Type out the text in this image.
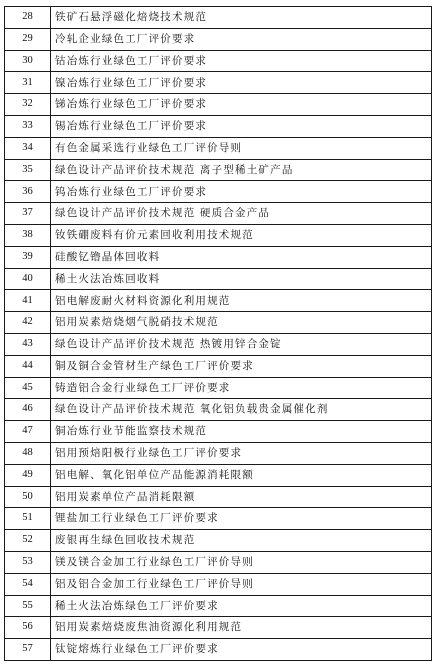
28	铁矿石悬浮磁化焙烧技术规范
29	冷轧企业绿色工厂评价要求
30	钴冶炼行业绿色工厂评价要求
31	镍冶炼行业绿色工厂评价要求
32	锑冶炼行业绿色工厂评价要求
33	锡冶炼行业绿色工厂评价要求
34	有色金属采选行业绿色工厂评价导则
35	绿色设计产品评价技术规范 离子型稀土矿产品
36	钨冶炼行业绿色工厂评价要求
37	绿色设计产品评价技术规范 硬质合金产品
38	钕铁硼废料有价元素回收利用技术规范
39	硅酸钇镥晶体回收料
40	稀土火法冶炼回收料
41	铝电解废耐火材料资源化利用规范
42	铝用炭素焙烧烟气脱硝技术规范
43	绿色设计产品评价技术规范 热镀用锌合金锭
44	铜及铜合金管材生产绿色工厂评价要求
45	铸造铝合金行业绿色工厂评价要求
46	绿色设计产品评价技术规范 氧化铝负载贵金属催化剂
47	铜冶炼行业节能监察技术规范
48	铝用预焙阳极行业绿色工厂评价要求
49	铝电解、氧化铝单位产品能源消耗限额
50	铝用炭素单位产品消耗限额
51	锂盐加工行业绿色工厂评价要求
52	废银再生绿色回收技术规范
53	镁及镁合金加工行业绿色工厂评价导则
54	铝及铝合金加工行业绿色工厂评价导则
55	稀土火法冶炼绿色工厂评价要求
56	铝用炭素焙烧废焦油资源化利用规范
57	钛锭熔炼行业绿色工厂评价要求
